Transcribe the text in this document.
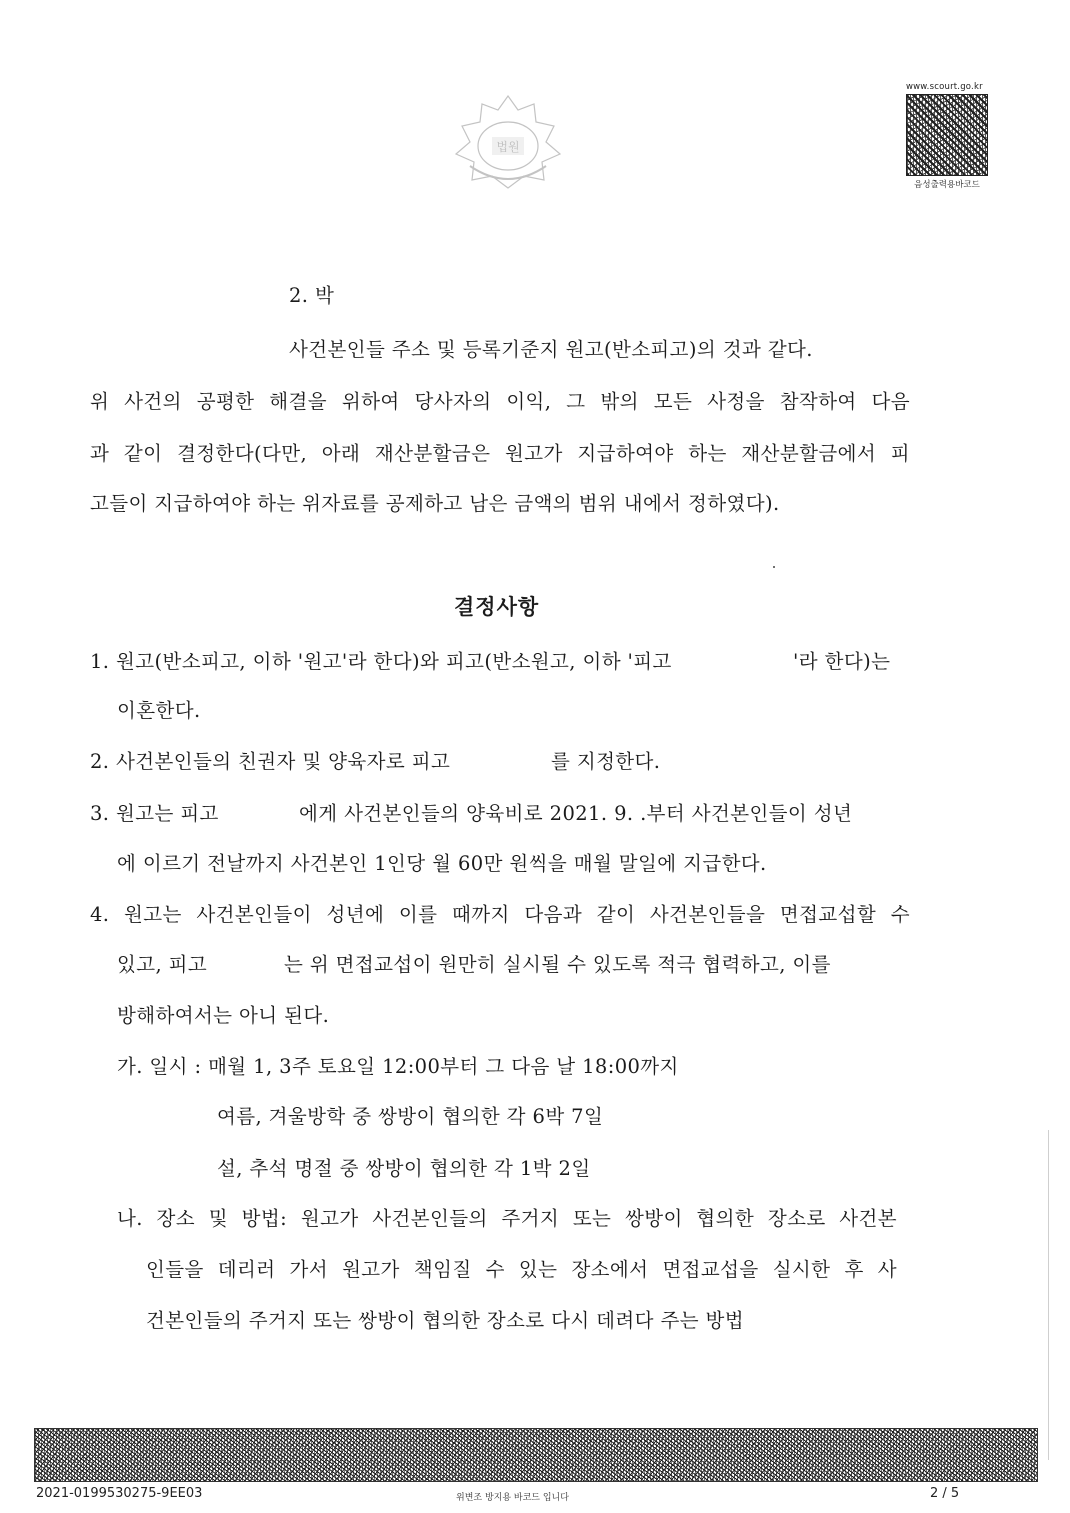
법원
www.scourt.go.kr
음성출력용바코드
2. 박
사건본인들 주소 및 등록기준지 원고(반소피고)의 것과 같다.
위 사건의 공평한 해결을 위하여 당사자의 이익, 그 밖의 모든 사정을 참작하여 다음
과 같이 결정한다(다만, 아래 재산분할금은 원고가 지급하여야 하는 재산분할금에서 피
고들이 지급하여야 하는 위자료를 공제하고 남은 금액의 범위 내에서 정하였다).
결정사항
1. 원고(반소피고, 이하 '원고'라 한다)와 피고(반소원고, 이하 '피고	'라 한다)는
이혼한다.
2. 사건본인들의 친권자 및 양육자로 피고	를 지정한다.
3. 원고는 피고	에게 사건본인들의 양육비로 2021. 9. .부터 사건본인들이 성년
에 이르기 전날까지 사건본인 1인당 월 60만 원씩을 매월 말일에 지급한다.
4. 원고는 사건본인들이 성년에 이를 때까지 다음과 같이 사건본인들을 면접교섭할 수
있고, 피고	는 위 면접교섭이 원만히 실시될 수 있도록 적극 협력하고, 이를
방해하여서는 아니 된다.
가. 일시 : 매월 1, 3주 토요일 12:00부터 그 다음 날 18:00까지
여름, 겨울방학 중 쌍방이 협의한 각 6박 7일
설, 추석 명절 중 쌍방이 협의한 각 1박 2일
나. 장소 및 방법: 원고가 사건본인들의 주거지 또는 쌍방이 협의한 장소로 사건본
인들을 데리러 가서 원고가 책임질 수 있는 장소에서 면접교섭을 실시한 후 사
건본인들의 주거지 또는 쌍방이 협의한 장소로 다시 데려다 주는 방법
2021-0199530275-9EE03	위변조 방지용 바코드 입니다	2 / 5
